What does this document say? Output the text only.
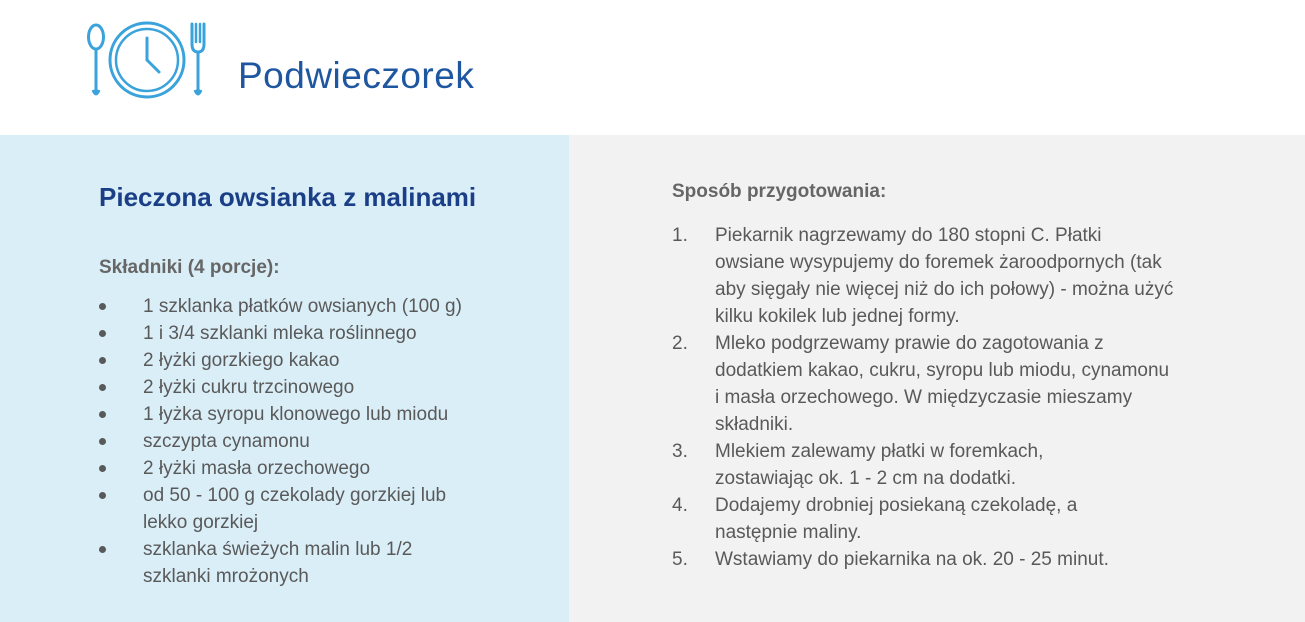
Podwieczorek
Pieczona owsianka z malinami
Składniki (4 porcje):
1 szklanka płatków owsianych (100 g)
1 i 3/4 szklanki mleka roślinnego
2 łyżki gorzkiego kakao
2 łyżki cukru trzcinowego
1 łyżka syropu klonowego lub miodu
szczypta cynamonu
2 łyżki masła orzechowego
od 50 - 100 g czekolady gorzkiej lub lekko gorzkiej
szklanka świeżych malin lub 1/2 szklanki mrożonych
Sposób przygotowania:
1. Piekarnik nagrzewamy do 180 stopni C. Płatki owsiane wysypujemy do foremek żaroodpornych (tak aby sięgały nie więcej niż do ich połowy) - można użyć kilku kokilek lub jednej formy.
2. Mleko podgrzewamy prawie do zagotowania z dodatkiem kakao, cukru, syropu lub miodu, cynamonu i masła orzechowego. W międzyczasie mieszamy składniki.
3. Mlekiem zalewamy płatki w foremkach, zostawiając ok. 1 - 2 cm na dodatki.
4. Dodajemy drobniej posiekaną czekoladę, a następnie maliny.
5. Wstawiamy do piekarnika na ok. 20 - 25 minut.
